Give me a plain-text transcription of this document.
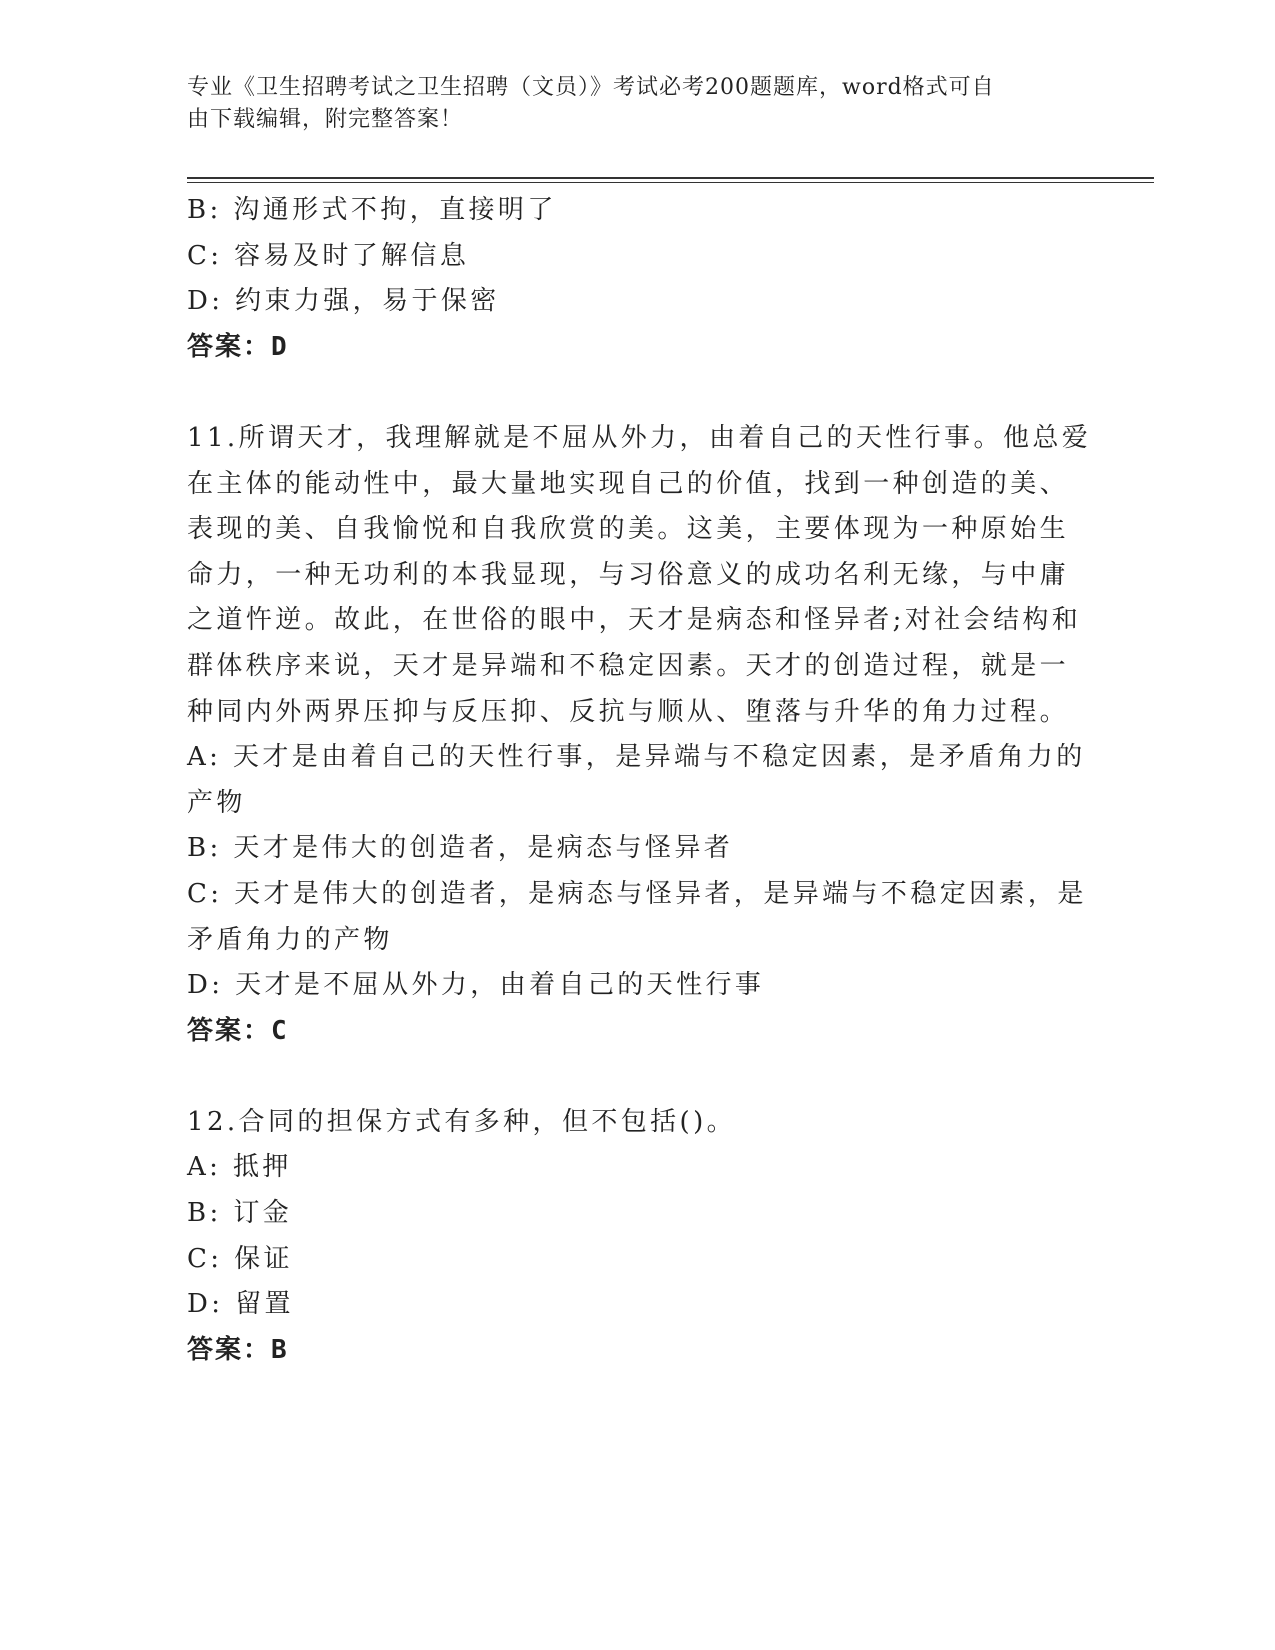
专业《卫生招聘考试之卫生招聘（文员）》考试必考200题题库，word格式可自
由下载编辑，附完整答案！
B: 沟通形式不拘，直接明了
C: 容易及时了解信息
D: 约束力强，易于保密
答案：D
11.所谓天才，我理解就是不屈从外力，由着自己的天性行事。他总爱
在主体的能动性中，最大量地实现自己的价值，找到一种创造的美、
表现的美、自我愉悦和自我欣赏的美。这美，主要体现为一种原始生
命力，一种无功利的本我显现，与习俗意义的成功名利无缘，与中庸
之道忤逆。故此，在世俗的眼中，天才是病态和怪异者;对社会结构和
群体秩序来说，天才是异端和不稳定因素。天才的创造过程，就是一
种同内外两界压抑与反压抑、反抗与顺从、堕落与升华的角力过程。
A: 天才是由着自己的天性行事，是异端与不稳定因素，是矛盾角力的
产物
B: 天才是伟大的创造者，是病态与怪异者
C: 天才是伟大的创造者，是病态与怪异者，是异端与不稳定因素，是
矛盾角力的产物
D: 天才是不屈从外力，由着自己的天性行事
答案：C
12.合同的担保方式有多种，但不包括()。
A: 抵押
B: 订金
C: 保证
D: 留置
答案：B
